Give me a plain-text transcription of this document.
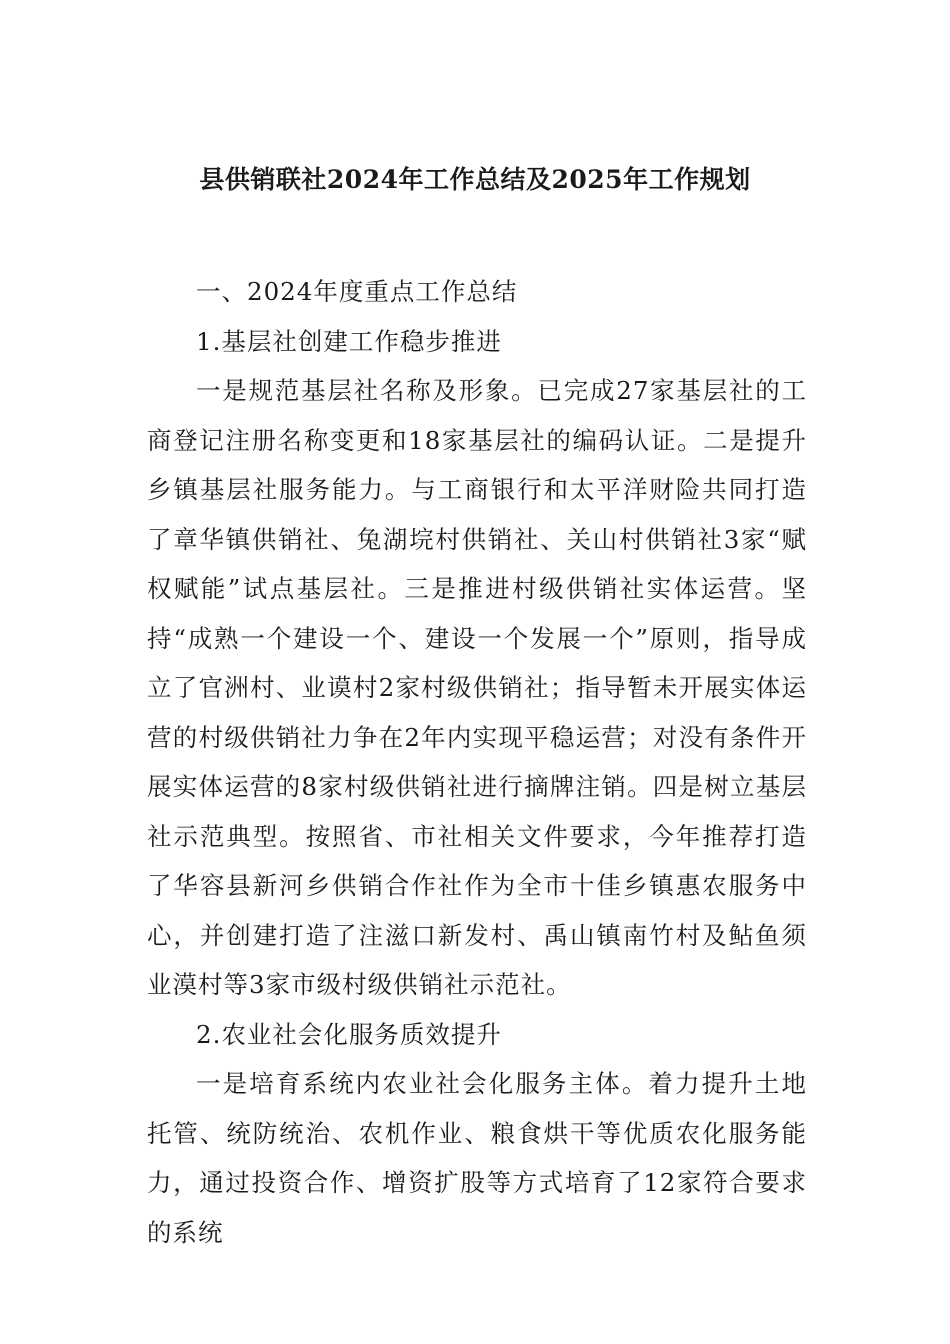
县供销联社2024年工作总结及2025年工作规划

一、2024年度重点工作总结

1.基层社创建工作稳步推进

一是规范基层社名称及形象。已完成27家基层社的工商登记注册名称变更和18家基层社的编码认证。二是提升乡镇基层社服务能力。与工商银行和太平洋财险共同打造了章华镇供销社、兔湖垸村供销社、关山村供销社3家“赋权赋能”试点基层社。三是推进村级供销社实体运营。坚持“成熟一个建设一个、建设一个发展一个”原则，指导成立了官洲村、业谟村2家村级供销社；指导暂未开展实体运营的村级供销社力争在2年内实现平稳运营；对没有条件开展实体运营的8家村级供销社进行摘牌注销。四是树立基层社示范典型。按照省、市社相关文件要求，今年推荐打造了华容县新河乡供销合作社作为全市十佳乡镇惠农服务中心，并创建打造了注滋口新发村、禹山镇南竹村及鲇鱼须业漠村等3家市级村级供销社示范社。

2.农业社会化服务质效提升

一是培育系统内农业社会化服务主体。着力提升土地托管、统防统治、农机作业、粮食烘干等优质农化服务能力，通过投资合作、增资扩股等方式培育了12家符合要求的系统
